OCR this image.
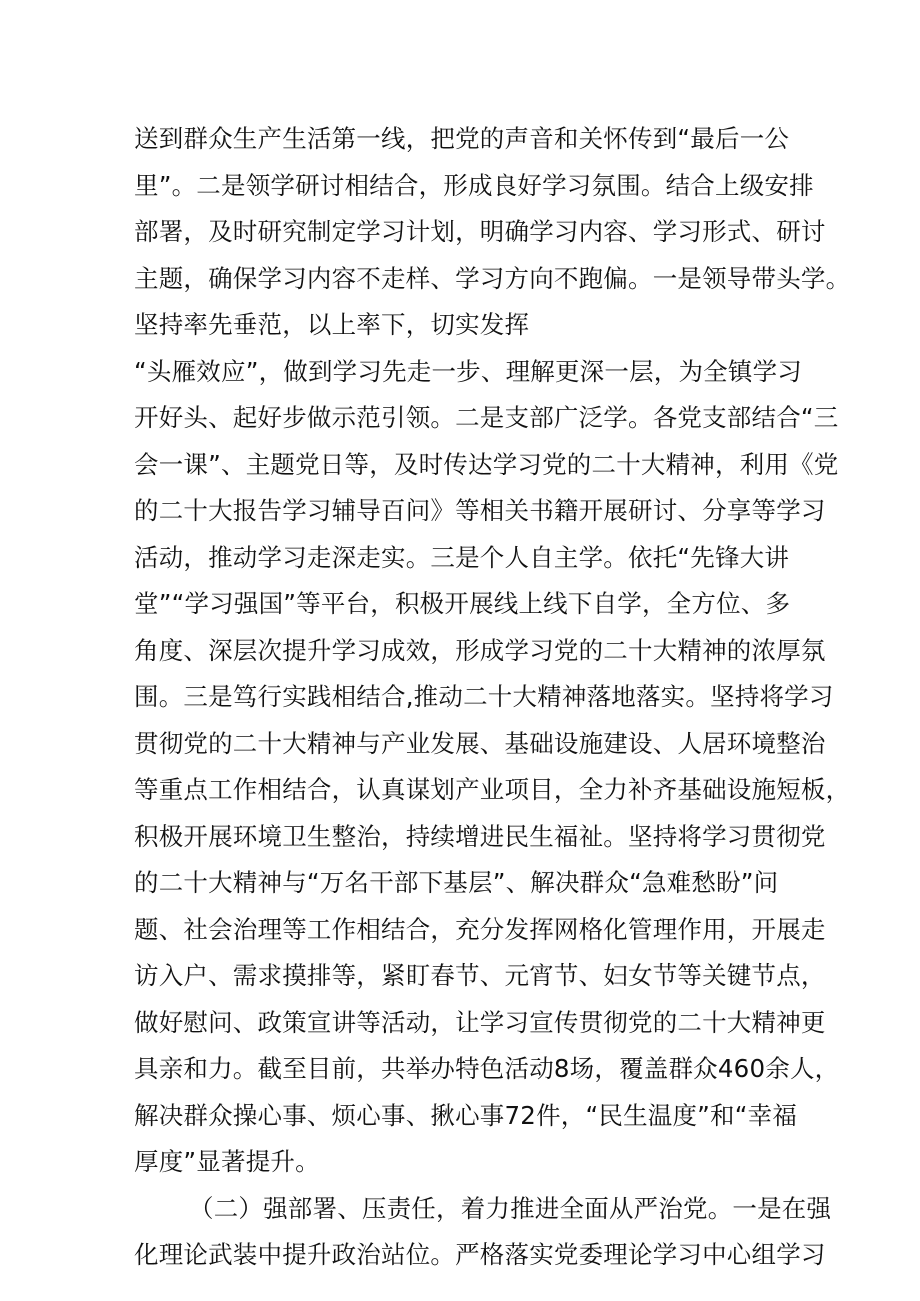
送到群众生产生活第一线，把党的声音和关怀传到“最后一公
里”。二是领学研讨相结合，形成良好学习氛围。结合上级安排
部署，及时研究制定学习计划，明确学习内容、学习形式、研讨
主题，确保学习内容不走样、学习方向不跑偏。一是领导带头学。
坚持率先垂范，以上率下，切实发挥
“头雁效应”，做到学习先走一步、理解更深一层，为全镇学习
开好头、起好步做示范引领。二是支部广泛学。各党支部结合“三
会一课”、主题党日等，及时传达学习党的二十大精神，利用《党
的二十大报告学习辅导百问》等相关书籍开展研讨、分享等学习
活动，推动学习走深走实。三是个人自主学。依托“先锋大讲
堂”“学习强国”等平台，积极开展线上线下自学，全方位、多
角度、深层次提升学习成效，形成学习党的二十大精神的浓厚氛
围。三是笃行实践相结合,推动二十大精神落地落实。坚持将学习
贯彻党的二十大精神与产业发展、基础设施建设、人居环境整治
等重点工作相结合，认真谋划产业项目，全力补齐基础设施短板，
积极开展环境卫生整治，持续增进民生福祉。坚持将学习贯彻党
的二十大精神与“万名干部下基层”、解决群众“急难愁盼”问
题、社会治理等工作相结合，充分发挥网格化管理作用，开展走
访入户、需求摸排等，紧盯春节、元宵节、妇女节等关键节点，
做好慰问、政策宣讲等活动，让学习宣传贯彻党的二十大精神更
具亲和力。截至目前，共举办特色活动8场，覆盖群众460余人，
解决群众操心事、烦心事、揪心事72件，“民生温度”和“幸福
厚度”显著提升。
（二）强部署、压责任，着力推进全面从严治党。一是在强
化理论武装中提升政治站位。严格落实党委理论学习中心组学习
